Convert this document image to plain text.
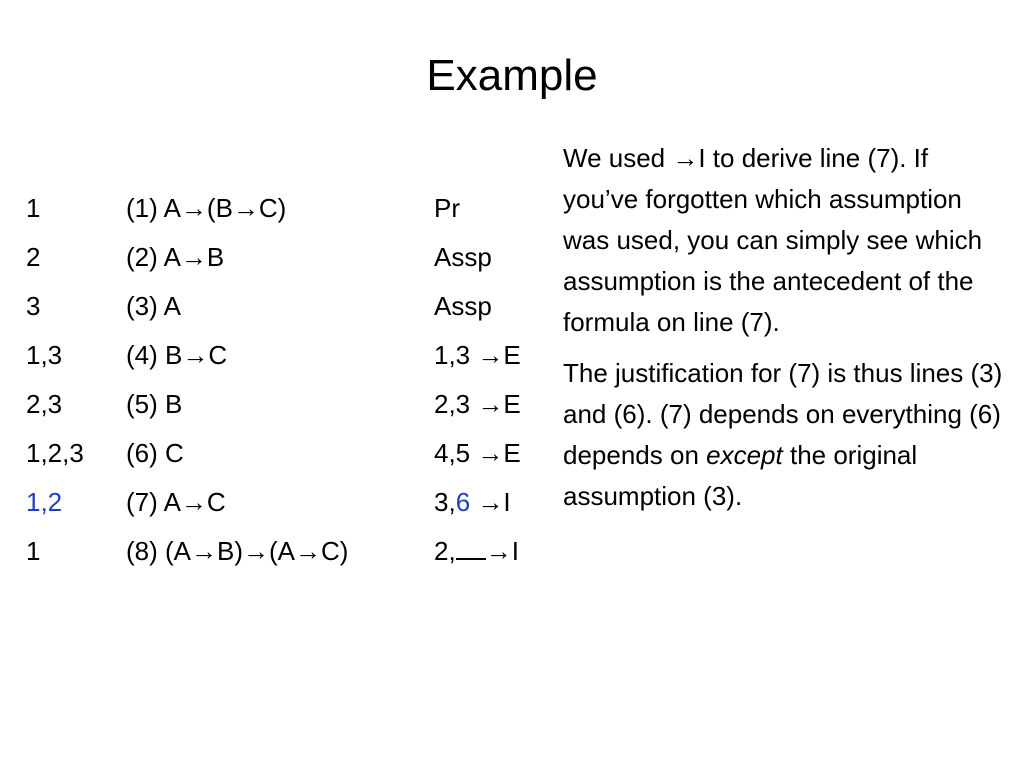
Example
1	(1) A→(B→C)	Pr
2	(2) A→B	Assp
3	(3) A	Assp
1,3 (4) B→C	1,3 →E
2,3 (5) B	2,3 →E
1,2,3 (6) C	4,5 →E
1,2 (7) A→C	3,6 →I
1	(8) (A→B)→(A→C)	2, →I

We used →I to derive line (7). If you’ve forgotten which assumption was used, you can simply see which assumption is the antecedent of the formula on line (7).

The justification for (7) is thus lines (3) and (6). (7) depends on everything (6) depends on except the original assumption (3).
